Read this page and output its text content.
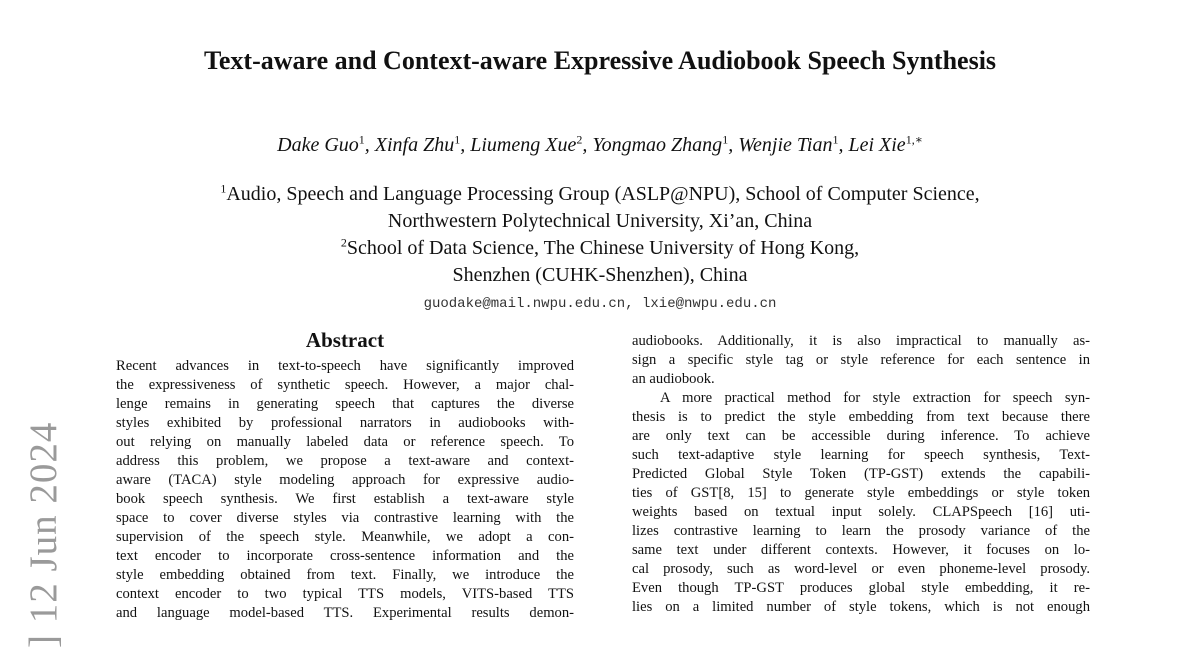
] 12 Jun 2024
Text-aware and Context-aware Expressive Audiobook Speech Synthesis
Dake Guo$^1$, Xinfa Zhu$^1$, Liumeng Xue$^2$, Yongmao Zhang$^1$, Wenjie Tian$^1$, Lei Xie$^{1,∗}$
$^1$Audio, Speech and Language Processing Group (ASLP@NPU), School of Computer Science,
Northwestern Polytechnical University, Xi’an, China
$^2$School of Data Science, The Chinese University of Hong Kong,
Shenzhen (CUHK-Shenzhen), China
guodake@mail.nwpu.edu.cn, lxie@nwpu.edu.cn
Abstract
Recent advances in text-to-speech have significantly improved
the expressiveness of synthetic speech. However, a major chal-
lenge remains in generating speech that captures the diverse
styles exhibited by professional narrators in audiobooks with-
out relying on manually labeled data or reference speech. To
address this problem, we propose a text-aware and context-
aware (TACA) style modeling approach for expressive audio-
book speech synthesis. We first establish a text-aware style
space to cover diverse styles via contrastive learning with the
supervision of the speech style. Meanwhile, we adopt a con-
text encoder to incorporate cross-sentence information and the
style embedding obtained from text. Finally, we introduce the
context encoder to two typical TTS models, VITS-based TTS
and language model-based TTS. Experimental results demon-
audiobooks. Additionally, it is also impractical to manually as-
sign a specific style tag or style reference for each sentence in
an audiobook.
A more practical method for style extraction for speech syn-
thesis is to predict the style embedding from text because there
are only text can be accessible during inference. To achieve
such text-adaptive style learning for speech synthesis, Text-
Predicted Global Style Token (TP-GST) extends the capabili-
ties of GST[8, 15] to generate style embeddings or style token
weights based on textual input solely. CLAPSpeech [16] uti-
lizes contrastive learning to learn the prosody variance of the
same text under different contexts. However, it focuses on lo-
cal prosody, such as word-level or even phoneme-level prosody.
Even though TP-GST produces global style embedding, it re-
lies on a limited number of style tokens, which is not enough
